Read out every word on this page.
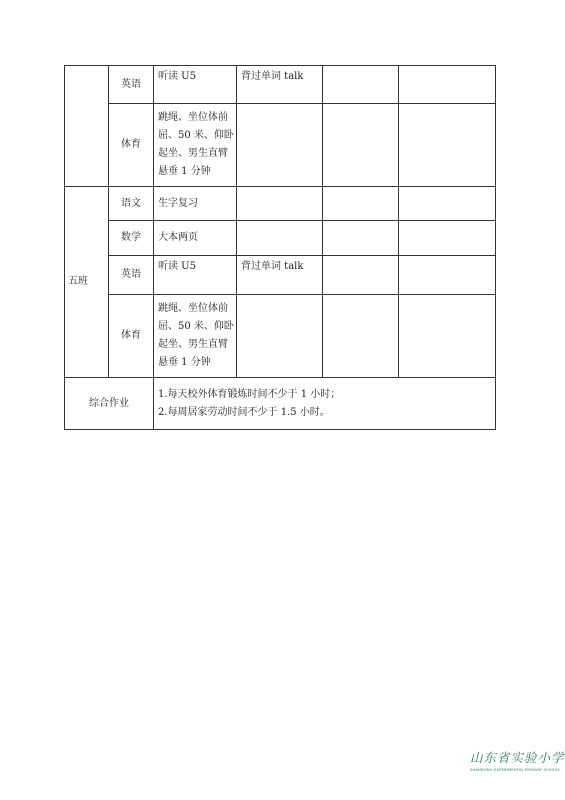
	英语	听读 U5	背过单词 talk		
	体育	跳绳、坐位体前
屈、50 米、仰卧
起坐、男生直臂
悬垂 1 分钟			

五班	语文	生字复习			
	数学	大本两页			
	英语	听读 U5	背过单词 talk		
	体育	跳绳、坐位体前
屈、50 米、仰卧
起坐、男生直臂
悬垂 1 分钟			

综合作业		1.每天校外体育锻炼时间不少于 1 小时；
2.每周居家劳动时间不少于 1.5 小时。			
山东省实验小学
SHANDONG EXPERIMENTAL PRIMARY SCHOOL
